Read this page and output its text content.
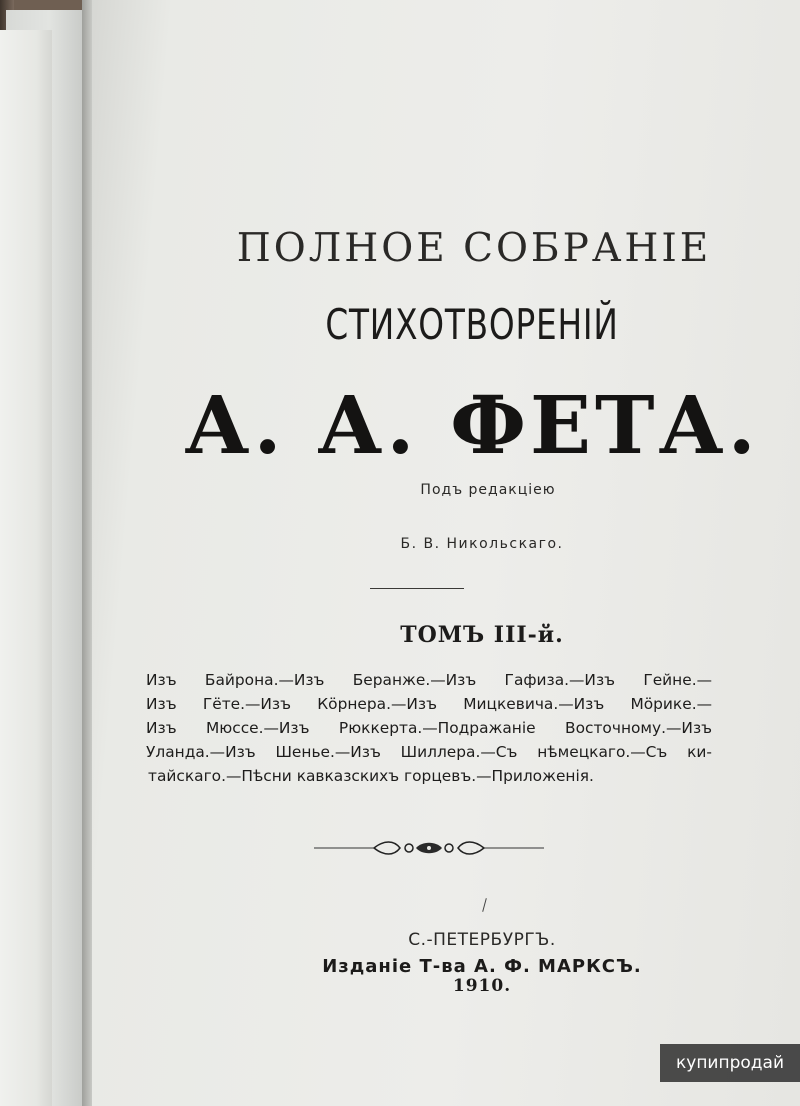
ПОЛНОЕ СОБРАНІЕ
СТИХОТВОРЕНІЙ
А. А. ФЕТА.
Подъ редакціею
Б. В. Никольскаго.
ТОМЪ III-й.
Изъ Байрона.—Изъ Беранже.—Изъ Гафиза.—Изъ Гейне.—
Изъ Гёте.—Изъ Кöрнера.—Изъ Мицкевича.—Изъ Мöрике.—
Изъ Мюссе.—Изъ Рюккерта.—Подражаніе Восточному.—Изъ
Уланда.—Изъ Шенье.—Изъ Шиллера.—Съ нѣмецкаго.—Съ ки-
тайскаго.—Пѣсни кавказскихъ горцевъ.—Приложенія.
С.-ПЕТЕРБУРГЪ.
Изданіе Т-ва А. Ф. МАРКСЪ.
1910.
купипродай
